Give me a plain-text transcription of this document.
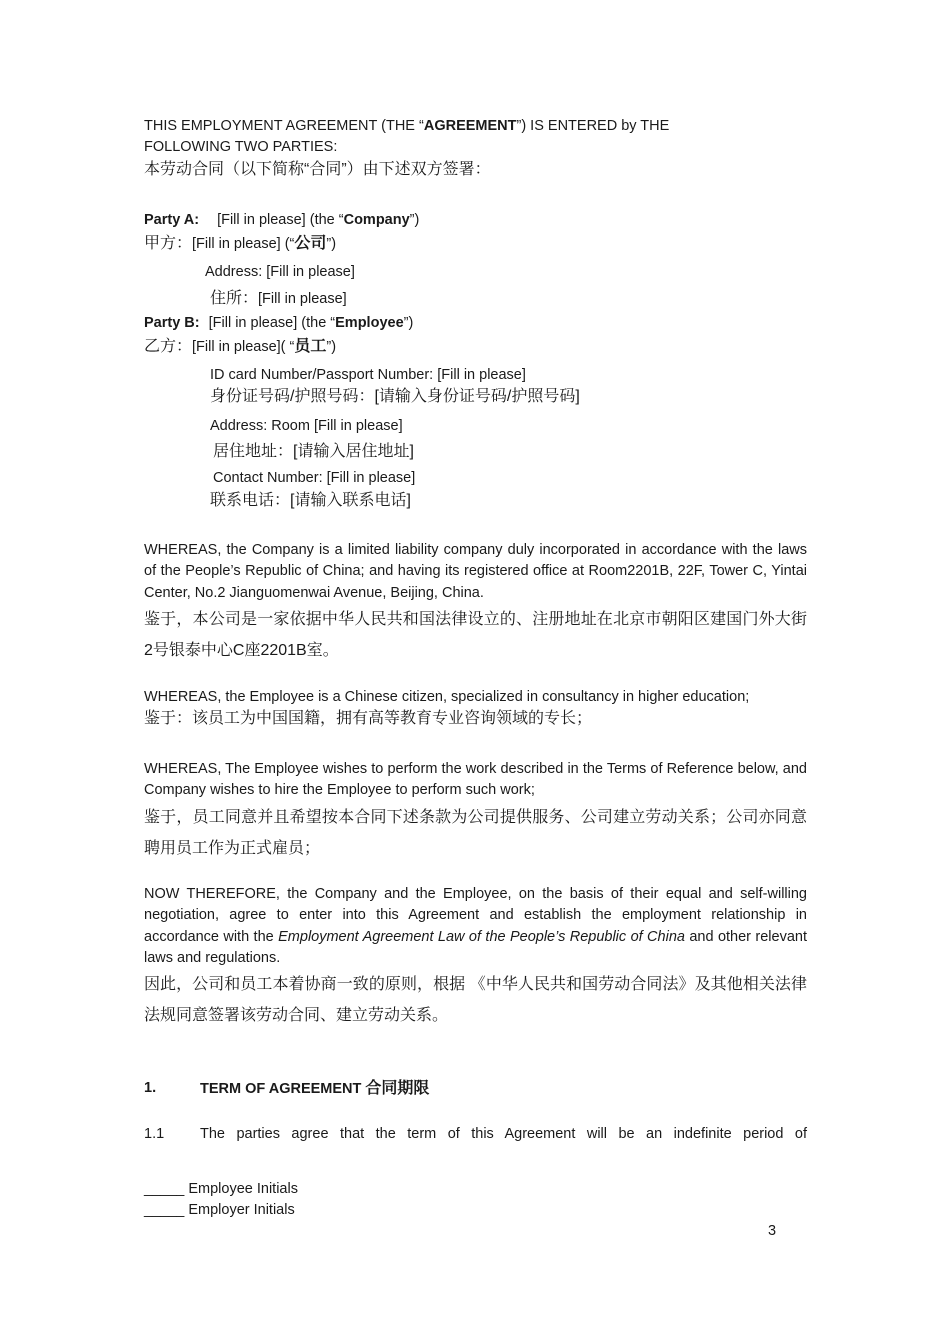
THIS EMPLOYMENT AGREEMENT (THE “AGREEMENT”) IS ENTERED by THE
FOLLOWING TWO PARTIES:
本劳动合同（以下简称“合同”）由下述双方签署：
Party A: [Fill in please] (the “Company”)
甲方：[Fill in please] (“公司”)
Address: [Fill in please]
住所：[Fill in please]
Party B: [Fill in please] (the “Employee”)
乙方：[Fill in please]( “员工”)
ID card Number/Passport Number: [Fill in please]
身份证号码/护照号码：[请输入身份证号码/护照号码]
Address: Room [Fill in please]
居住地址：[请输入居住地址]
Contact Number: [Fill in please]
联系电话：[请输入联系电话]
WHEREAS, the Company is a limited liability company duly incorporated in accordance with the laws of the People’s Republic of China; and having its registered office at Room2201B, 22F, Tower C, Yintai Center, No.2 Jianguomenwai Avenue, Beijing, China.
鉴于，本公司是一家依据中华人民共和国法律设立的、注册地址在北京市朝阳区建国门外大街2号银泰中心C座2201B室。
WHEREAS, the Employee is a Chinese citizen, specialized in consultancy in higher education;
鉴于：该员工为中国国籍，拥有高等教育专业咨询领域的专长；
WHEREAS, The Employee wishes to perform the work described in the Terms of Reference below, and Company wishes to hire the Employee to perform such work;
鉴于，员工同意并且希望按本合同下述条款为公司提供服务、公司建立劳动关系；公司亦同意聘用员工作为正式雇员；
NOW THEREFORE, the Company and the Employee, on the basis of their equal and self-willing negotiation, agree to enter into this Agreement and establish the employment relationship in accordance with the Employment Agreement Law of the People’s Republic of China and other relevant laws and regulations.
因此，公司和员工本着协商一致的原则，根据 《中华人民共和国劳动合同法》及其他相关法律法规同意签署该劳动合同、建立劳动关系。
1.	TERM OF AGREEMENT 合同期限
1.1 The parties agree that the term of this Agreement will be an indefinite period of
_____ Employee Initials
_____ Employer Initials
3
